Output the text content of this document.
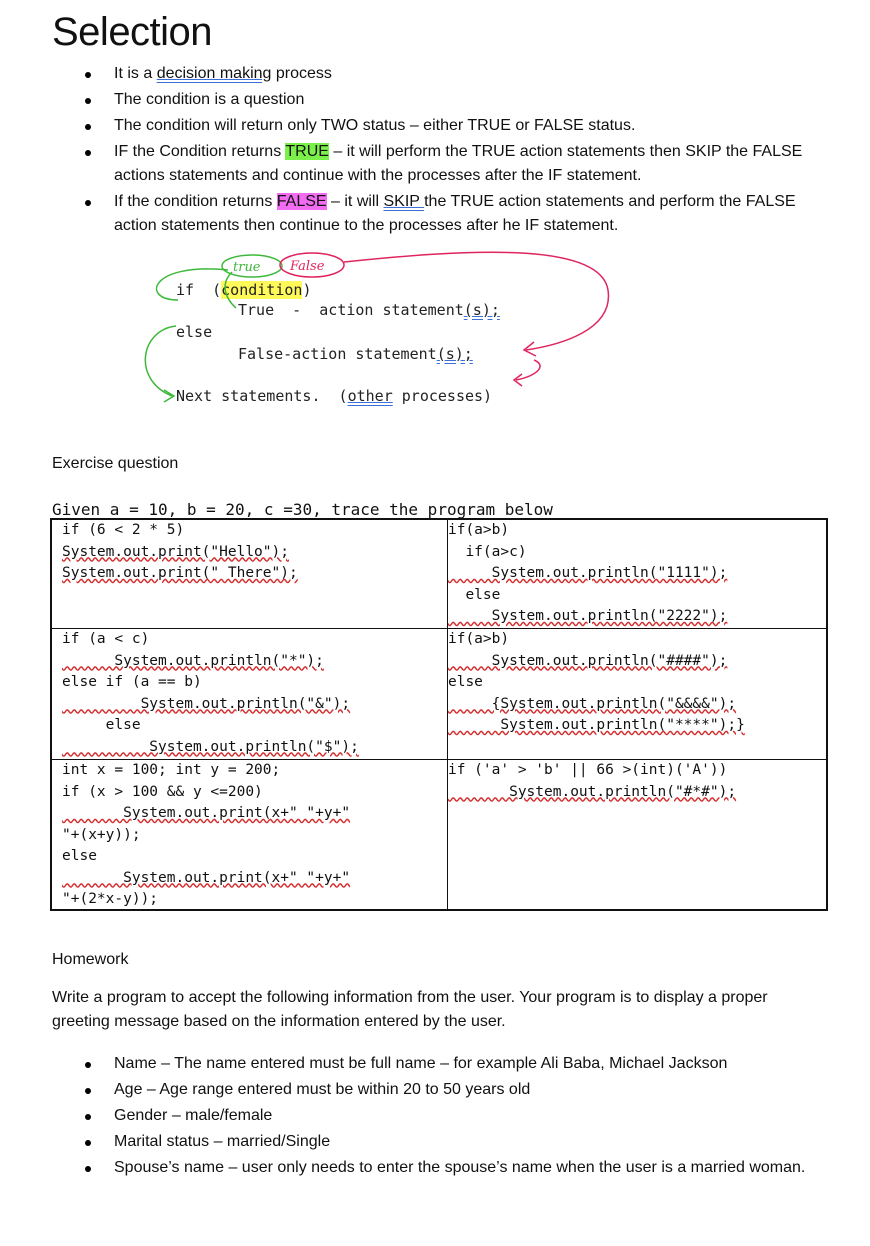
Selection
It is a decision making process
The condition is a question
The condition will return only TWO status – either TRUE or FALSE status.
IF the Condition returns TRUE – it will perform the TRUE action statements then SKIP the FALSE actions statements and continue with the processes after the IF statement.
If the condition returns FALSE – it will SKIP the TRUE action statements and perform the FALSE action statements then continue to the processes after he IF statement.
if  (condition)
True  -  action statement(s);
else
False-action statement(s);
Next statements.  (other processes)
true False
Exercise question
Given a = 10, b = 20, c =30, trace the program below
if (6 < 2 * 5)
System.out.print("Hello");
System.out.print(" There");
if(a>b)
if(a>c)
System.out.println("1111");
else
System.out.println("2222");
if (a < c)
System.out.println("*");
else if (a == b)
System.out.println("&");
else
System.out.println("$");
if(a>b)
System.out.println("####");
else
{System.out.println("&&&&");
System.out.println("****");}
int x = 100; int y = 200;
if (x > 100 && y <=200)
System.out.print(x+" "+y+"
"+(x+y));
else
System.out.print(x+" "+y+"
"+(2*x-y));
if ('a' > 'b' || 66 >(int)('A'))
System.out.println("#*#");
Homework
Write a program to accept the following information from the user. Your program is to display a proper greeting message based on the information entered by the user.
Name – The name entered must be full name – for example Ali Baba, Michael Jackson
Age – Age range entered must be within 20 to 50 years old
Gender – male/female
Marital status – married/Single
Spouse’s name – user only needs to enter the spouse’s name when the user is a married woman.
